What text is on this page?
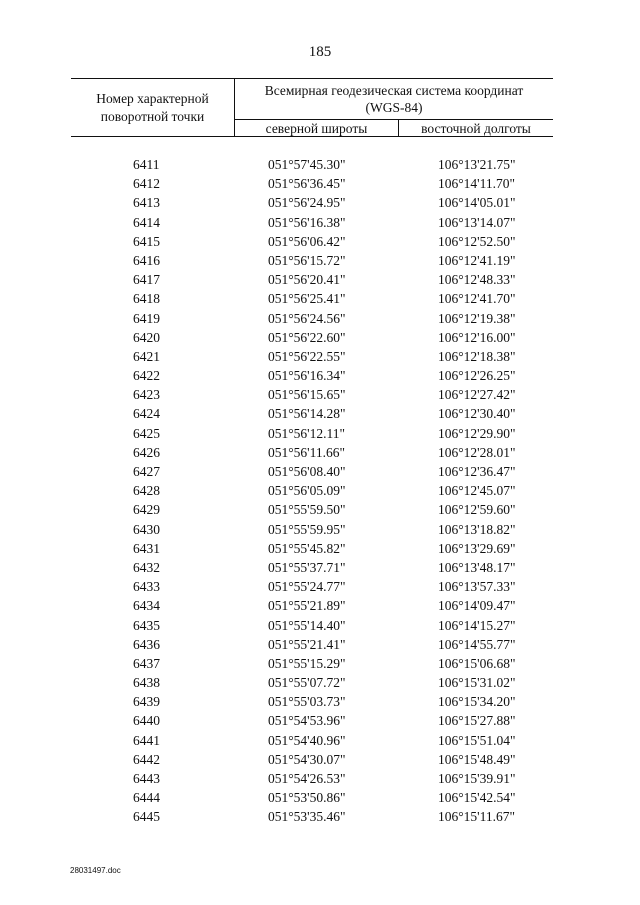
185
Номер характерной поворотной точки
Всемирная геодезическая система координат
(WGS-84)
северной широты	восточной долготы
6411	051°57'45.30"	106°13'21.75"
6412	051°56'36.45"	106°14'11.70"
6413	051°56'24.95"	106°14'05.01"
6414	051°56'16.38"	106°13'14.07"
6415	051°56'06.42"	106°12'52.50"
6416	051°56'15.72"	106°12'41.19"
6417	051°56'20.41"	106°12'48.33"
6418	051°56'25.41"	106°12'41.70"
6419	051°56'24.56"	106°12'19.38"
6420	051°56'22.60"	106°12'16.00"
6421	051°56'22.55"	106°12'18.38"
6422	051°56'16.34"	106°12'26.25"
6423	051°56'15.65"	106°12'27.42"
6424	051°56'14.28"	106°12'30.40"
6425	051°56'12.11"	106°12'29.90"
6426	051°56'11.66"	106°12'28.01"
6427	051°56'08.40"	106°12'36.47"
6428	051°56'05.09"	106°12'45.07"
6429	051°55'59.50"	106°12'59.60"
6430	051°55'59.95"	106°13'18.82"
6431	051°55'45.82"	106°13'29.69"
6432	051°55'37.71"	106°13'48.17"
6433	051°55'24.77"	106°13'57.33"
6434	051°55'21.89"	106°14'09.47"
6435	051°55'14.40"	106°14'15.27"
6436	051°55'21.41"	106°14'55.77"
6437	051°55'15.29"	106°15'06.68"
6438	051°55'07.72"	106°15'31.02"
6439	051°55'03.73"	106°15'34.20"
6440	051°54'53.96"	106°15'27.88"
6441	051°54'40.96"	106°15'51.04"
6442	051°54'30.07"	106°15'48.49"
6443	051°54'26.53"	106°15'39.91"
6444	051°53'50.86"	106°15'42.54"
6445	051°53'35.46"	106°15'11.67"
28031497.doc
